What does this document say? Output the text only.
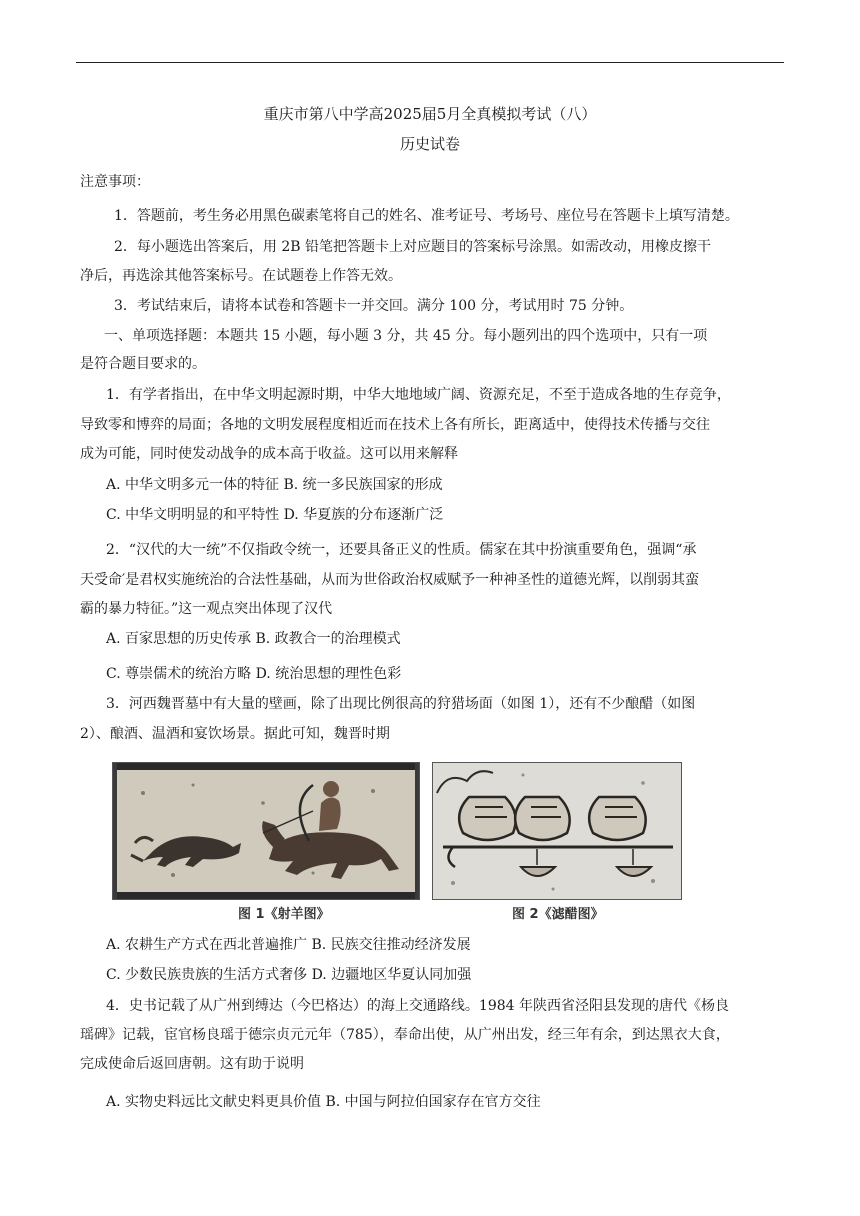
重庆市第八中学高2025届5月全真模拟考试（八）
历史试卷
注意事项：
1．答题前，考生务必用黑色碳素笔将自己的姓名、准考证号、考场号、座位号在答题卡上填写清楚。
2．每小题选出答案后，用 2B 铅笔把答题卡上对应题目的答案标号涂黑。如需改动，用橡皮擦干
净后，再选涂其他答案标号。在试题卷上作答无效。
3．考试结束后，请将本试卷和答题卡一并交回。满分 100 分，考试用时 75 分钟。
一、单项选择题：本题共 15 小题，每小题 3 分，共 45 分。每小题列出的四个选项中，只有一项
是符合题目要求的。
1．有学者指出，在中华文明起源时期，中华大地地域广阔、资源充足，不至于造成各地的生存竞争，
导致零和博弈的局面；各地的文明发展程度相近而在技术上各有所长，距离适中，使得技术传播与交往
成为可能，同时使发动战争的成本高于收益。这可以用来解释
A. 中华文明多元一体的特征 B. 统一多民族国家的形成
C. 中华文明明显的和平特性 D. 华夏族的分布逐渐广泛
2．“汉代的大一统”不仅指政令统一，还要具备正义的性质。儒家在其中扮演重要角色，强调“承
天受命′是君权实施统治的合法性基础，从而为世俗政治权威赋予一种神圣性的道德光辉，以削弱其蛮
霸的暴力特征。”这一观点突出体现了汉代
A. 百家思想的历史传承 B. 政教合一的治理模式
C. 尊崇儒术的统治方略 D. 统治思想的理性色彩
3．河西魏晋墓中有大量的壁画，除了出现比例很高的狩猎场面（如图 1），还有不少酿醋（如图
2）、酿酒、温酒和宴饮场景。据此可知，魏晋时期
图 1《射羊图》	图 2《滤醋图》
A. 农耕生产方式在西北普遍推广 B. 民族交往推动经济发展
C. 少数民族贵族的生活方式奢侈 D. 边疆地区华夏认同加强
4．史书记载了从广州到缚达（今巴格达）的海上交通路线。1984 年陕西省泾阳县发现的唐代《杨良
瑶碑》记载，宦官杨良瑶于德宗贞元元年（785），奉命出使，从广州出发，经三年有余，到达黑衣大食，
完成使命后返回唐朝。这有助于说明
A. 实物史料远比文献史料更具价值 B. 中国与阿拉伯国家存在官方交往
